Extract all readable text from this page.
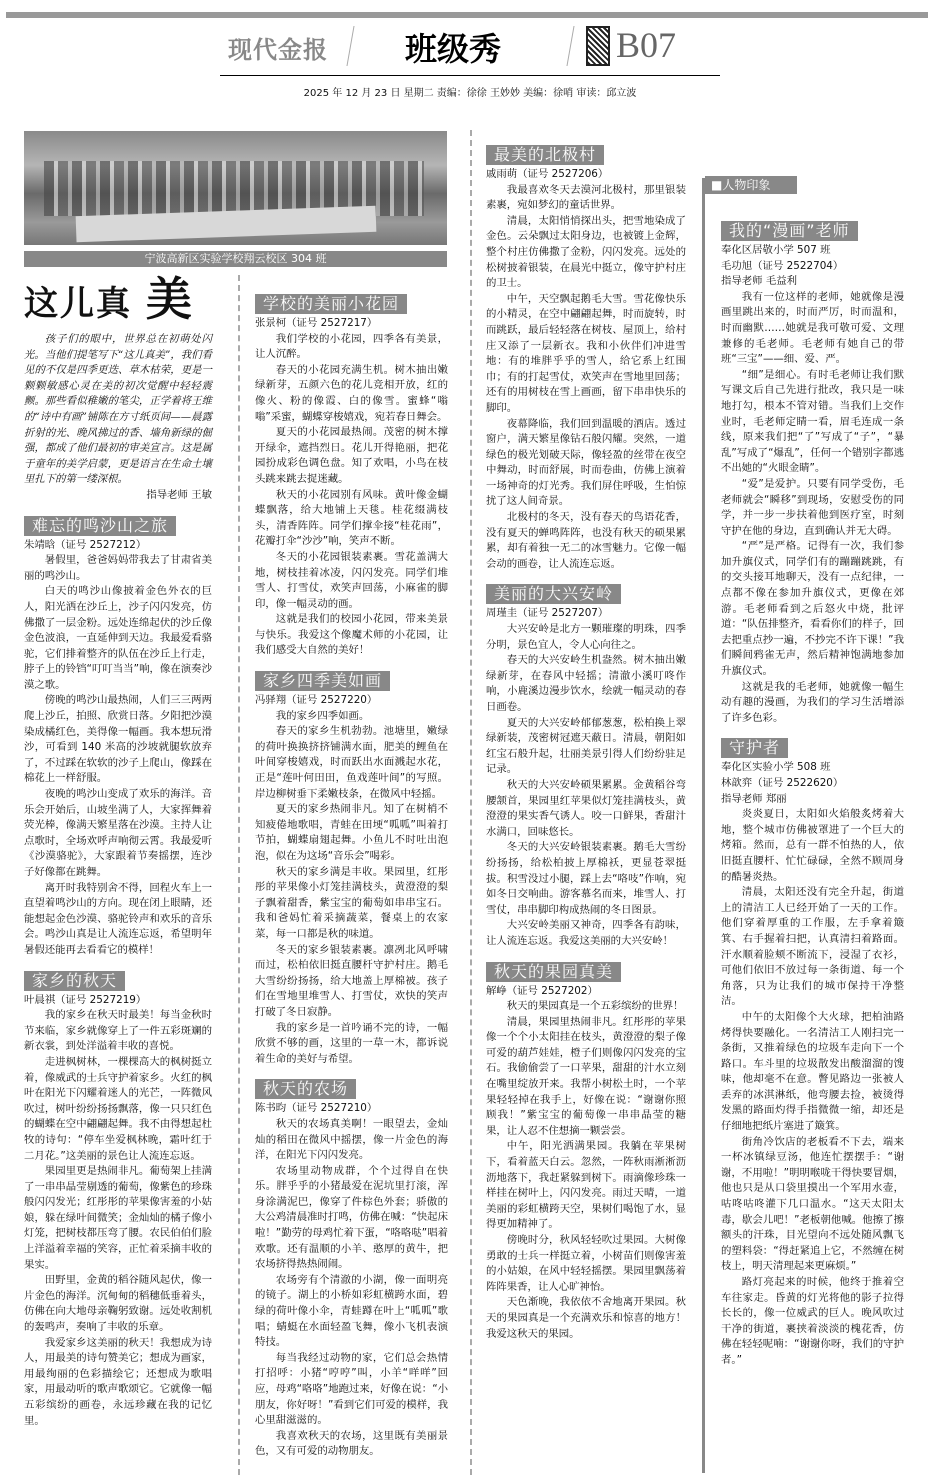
现代金报 班级秀	B07
2025 年 12 月 23 日 星期二 责编：徐徐 王妙妙 美编：徐哨 审读：邱立波
宁波高新区实验学校翔云校区 304 班
■人物印象
这儿真 美

孩子们的眼中，世界总在初萌处闪光。当他们提笔写下“这儿真美”，我们看见的不仅是四季更迭、草木枯荣，更是一颗颗敏感心灵在美的初次觉醒中轻轻震颤。那些看似稚嫩的笔尖，正学着将王维的“诗中有画”铺陈在方寸纸页间——晨露折射的光、晚风拂过的香、墙角新绿的倔强，都成了他们最初的审美宣言。这是属于童年的美学启蒙，更是语言在生命土壤里扎下的第一缕深根。

指导老师 王敏

难忘的鸣沙山之旅

朱靖晗（证号 2527212）

暑假里，爸爸妈妈带我去了甘肃省美丽的鸣沙山。

白天的鸣沙山像披着金色外衣的巨人，阳光洒在沙丘上，沙子闪闪发亮，仿佛撒了一层金粉。远处连绵起伏的沙丘像金色波浪，一直延伸到天边。我最爱看骆驼，它们排着整齐的队伍在沙丘上行走，脖子上的铃铛“叮叮当当”响，像在演奏沙漠之歌。

傍晚的鸣沙山最热闹，人们三三两两爬上沙丘，拍照、欣赏日落。夕阳把沙漠染成橘红色，美得像一幅画。我本想玩滑沙，可看到 140 米高的沙坡就腿软放弃了，不过踩在软软的沙子上爬山，像踩在棉花上一样舒服。

夜晚的鸣沙山变成了欢乐的海洋。音乐会开始后，山坡坐满了人，大家挥舞着荧光棒，像满天繁星落在沙漠。主持人让点歌时，全场欢呼声响彻云霄。我最爱听《沙漠骆驼》，大家跟着节奏摇摆，连沙子好像都在跳舞。

离开时我特别舍不得，回程火车上一直望着鸣沙山的方向。现在闭上眼睛，还能想起金色沙漠、骆驼铃声和欢乐的音乐会。鸣沙山真是让人流连忘返，希望明年暑假还能再去看看它的模样！

家乡的秋天

叶晨祺（证号 2527219）

我的家乡在秋天时最美！每当金秋时节来临，家乡就像穿上了一件五彩斑斓的新衣裳，到处洋溢着丰收的喜悦。

走进枫树林，一棵棵高大的枫树挺立着，像威武的士兵守护着家乡。火红的枫叶在阳光下闪耀着迷人的光芒，一阵微风吹过，树叶纷纷扬扬飘落，像一只只红色的蝴蝶在空中翩翩起舞。我不由得想起杜牧的诗句：“停车坐爱枫林晚，霜叶红于二月花。”这美丽的景色让人流连忘返。

果园里更是热闹非凡。葡萄架上挂满了一串串晶莹剔透的葡萄，像紫色的珍珠般闪闪发光；红彤彤的苹果像害羞的小姑娘，躲在绿叶间微笑；金灿灿的橘子像小灯笼，把树枝都压弯了腰。农民伯伯们脸上洋溢着幸福的笑容，正忙着采摘丰收的果实。

田野里，金黄的稻谷随风起伏，像一片金色的海洋。沉甸甸的稻穗低垂着头，仿佛在向大地母亲鞠躬致谢。远处收割机的轰鸣声，奏响了丰收的乐章。

我爱家乡这美丽的秋天！我想成为诗人，用最美的诗句赞美它；想成为画家，用最绚丽的色彩描绘它；还想成为歌唱家，用最动听的歌声歌颂它。它就像一幅五彩缤纷的画卷，永远珍藏在我的记忆里。

学校的美丽小花园

张景柯（证号 2527217）

我们学校的小花园，四季各有美景，让人沉醉。

春天的小花园充满生机。树木抽出嫩绿新芽，五颜六色的花儿竞相开放，红的像火、粉的像霞、白的像雪。蜜蜂“嗡嗡”采蜜，蝴蝶穿梭嬉戏，宛若春日舞会。

夏天的小花园最热闹。茂密的树木撑开绿伞，遮挡烈日。花儿开得艳丽，把花园扮成彩色调色盘。知了欢唱，小鸟在枝头跳来跳去捉迷藏。

秋天的小花园别有风味。黄叶像金蝴蝶飘落，给大地铺上天毯。桂花缀满枝头，清香阵阵。同学们撑伞接“桂花雨”，花瓣打伞“沙沙”响，笑声不断。

冬天的小花园银装素裹。雪花盖满大地，树枝挂着冰凌，闪闪发亮。同学们堆雪人、打雪仗，欢笑声回荡，小麻雀的脚印，像一幅灵动的画。

这就是我们的校园小花园，带来美景与快乐。我爱这个像魔术师的小花园，让我们感受大自然的美好！

家乡四季美如画

冯驿翔（证号 2527220）

我的家乡四季如画。

春天的家乡生机勃勃。池塘里，嫩绿的荷叶换换挤挤铺满水面，肥美的鲤鱼在叶间穿梭嬉戏，时而跃出水面溅起水花，正是“莲叶何田田，鱼戏莲叶间”的写照。岸边柳树垂下柔嫩枝条，在微风中轻摇。

夏天的家乡热闹非凡。知了在树梢不知疲倦地歌唱，青蛙在田埂“呱呱”叫着打节拍，蝴蝶扇翅起舞。小鱼儿不时吐出泡泡，似在为这场“音乐会”喝彩。

秋天的家乡满是丰收。果园里，红彤彤的苹果像小灯笼挂满枝头，黄澄澄的梨子飘着甜香，紫宝宝的葡萄如串串宝石。我和爸妈忙着采摘蔬菜，餐桌上的农家菜，每一口都是秋的味道。

冬天的家乡银装素裹。凛冽北风呼啸而过，松柏依旧挺直腰杆守护村庄。鹅毛大雪纷纷扬扬，给大地盖上厚棉被。孩子们在雪地里堆雪人、打雪仗，欢快的笑声打破了冬日寂静。

我的家乡是一首吟诵不完的诗，一幅欣赏不够的画，这里的一草一木，都诉说着生命的美好与希望。

秋天的农场

陈书昀（证号 2527210）

秋天的农场真美啊！一眼望去，金灿灿的稻田在微风中摇摆，像一片金色的海洋，在阳光下闪闪发亮。

农场里动物成群，个个过得自在快乐。胖乎乎的小猪最爱在泥坑里打滚，浑身涂满泥巴，像穿了件棕色外套；骄傲的大公鸡清晨准时打鸣，仿佛在喊：“快起床啦！”勤劳的母鸡忙着下蛋，“咯咯哒”唱着欢歌。还有温顺的小羊、憨厚的黄牛，把农场挤得热热闹闹。

农场旁有个清澈的小湖，像一面明亮的镜子。湖上的小桥如彩虹横跨水面，碧绿的荷叶像小伞，青蛙蹲在叶上“呱呱”歌唱；蜻蜓在水面轻盈飞舞，像小飞机表演特技。

每当我经过动物的家，它们总会热情打招呼：小猪“哼哼”叫，小羊“咩咩”回应，母鸡“咯咯”地跑过来，好像在说：“小朋友，你好呀！”看到它们可爱的模样，我心里甜滋滋的。

我喜欢秋天的农场，这里既有美丽景色，又有可爱的动物朋友。

最美的北极村

戚雨萌（证号 2527206）

我最喜欢冬天去漠河北极村，那里银装素裹，宛如梦幻的童话世界。

清晨，太阳悄悄探出头，把雪地染成了金色。云朵飘过太阳身边，也被镀上金辉，整个村庄仿佛撒了金粉，闪闪发亮。远处的松树披着银装，在晨光中挺立，像守护村庄的卫士。

中午，天空飘起鹅毛大雪。雪花像快乐的小精灵，在空中翩翩起舞，时而旋转，时而跳跃，最后轻轻落在树枝、屋顶上，给村庄又添了一层新衣。我和小伙伴们冲进雪地：有的堆胖乎乎的雪人，给它系上红围巾；有的打起雪仗，欢笑声在雪地里回荡；还有的用树枝在雪上画画，留下串串快乐的脚印。

夜幕降临，我们回到温暖的酒店。透过窗户，满天繁星像钻石般闪耀。突然，一道绿色的极光划破天际，像轻盈的丝带在夜空中舞动，时而舒展，时而卷曲，仿佛上演着一场神奇的灯光秀。我们屏住呼吸，生怕惊扰了这人间奇景。

北极村的冬天，没有春天的鸟语花香，没有夏天的蝉鸣阵阵，也没有秋天的硕果累累，却有着独一无二的冰雪魅力。它像一幅会动的画卷，让人流连忘返。

美丽的大兴安岭

周瑾圭（证号 2527207）

大兴安岭是北方一颗璀璨的明珠，四季分明，景色宜人，令人心向往之。

春天的大兴安岭生机盎然。树木抽出嫩绿新芽，在春风中轻摇；清澈小溪叮咚作响，小鹿溪边漫步饮水，绘就一幅灵动的春日画卷。

夏天的大兴安岭郁郁葱葱，松柏换上翠绿新装，茂密树冠遮天蔽日。清晨，朝阳如红宝石般升起，壮丽美景引得人们纷纷驻足记录。

秋天的大兴安岭硕果累累。金黄稻谷弯腰颔首，果园里红苹果似灯笼挂满枝头，黄澄澄的果实香气诱人。咬一口鲜果，香甜汁水满口，回味悠长。

冬天的大兴安岭银装素裹。鹅毛大雪纷纷扬扬，给松柏披上厚棉袄，更显苍翠挺拔。积雪没过小腿，踩上去“咯吱”作响，宛如冬日交响曲。游客慕名而来，堆雪人、打雪仗，串串脚印构成热闹的冬日图景。

大兴安岭美丽又神奇，四季各有韵味，让人流连忘返。我爱这美丽的大兴安岭！

秋天的果园真美

解峥（证号 2527202）

秋天的果园真是一个五彩缤纷的世界！

清晨，果园里热闹非凡。红彤彤的苹果像一个个小太阳挂在枝头，黄澄澄的梨子像可爱的葫芦娃娃，橙子们则像闪闪发亮的宝石。我偷偷尝了一口苹果，甜甜的汁水立刻在嘴里绽放开来。我帮小树松土时，一个苹果轻轻掉在我手上，好像在说：“谢谢你照顾我！”紫宝宝的葡萄像一串串晶莹的糖果，让人忍不住想摘一颗尝尝。

中午，阳光洒满果园。我躺在苹果树下，看着蓝天白云。忽然，一阵秋雨淅淅沥沥地落下，我赶紧躲到树下。雨滴像珍珠一样挂在树叶上，闪闪发亮。雨过天晴，一道美丽的彩虹横跨天空，果树们喝饱了水，显得更加精神了。

傍晚时分，秋风轻轻吹过果园。大树像勇敢的士兵一样挺立着，小树苗们则像害羞的小姑娘，在风中轻轻摇摆。果园里飘荡着阵阵果香，让人心旷神怡。

天色渐晚，我依依不舍地离开果园。秋天的果园真是一个充满欢乐和惊喜的地方！我爱这秋天的果园。

我的“漫画”老师

奉化区居敬小学 507 班

毛功旭（证号 2522704）

指导老师 毛益利

我有一位这样的老师，她就像是漫画里跳出来的，时而严厉，时而温和，时而幽默……她就是我可敬可爱、文理兼修的毛老师。毛老师有她自己的带班“三宝”——细、爱、严。

“细”是细心。有时毛老师让我们默写课文后自己先进行批改，我只是一味地打勾，根本不管对错。当我们上交作业时，毛老师定睛一看，眉毛连成一条线，原来我们把“了”写成了“子”，“暴乱”写成了“爆乱”，任何一个错别字都逃不出她的“火眼金睛”。

“爱”是爱护。只要有同学受伤，毛老师就会“瞬移”到现场，安慰受伤的同学，并一步一步扶着他到医疗室，时刻守护在他的身边，直到确认并无大碍。

“严”是严格。记得有一次，我们参加升旗仪式，同学们有的蹦蹦跳跳，有的交头接耳地聊天，没有一点纪律，一点都不像在参加升旗仪式，更像在郊游。毛老师看到之后怒火中烧，批评道：“队伍排整齐，看看你们的样子，回去把重点抄一遍，不抄完不许下课！”我们瞬间鸦雀无声，然后精神饱满地参加升旗仪式。

这就是我的毛老师，她就像一幅生动有趣的漫画，为我们的学习生活增添了许多色彩。

守护者

奉化区实验小学 508 班

林歆弈（证号 2522620）

指导老师 郑丽

炎炎夏日，太阳如火焰般炙烤着大地，整个城市仿佛被罩进了一个巨大的烤箱。然而，总有一群不怕热的人，依旧挺直腰杆、忙忙碌碌，全然不顾周身的酷暑炎热。

清晨，太阳还没有完全升起，街道上的清洁工人已经开始了一天的工作。他们穿着厚重的工作服，左手拿着簸箕、右手握着扫把，认真清扫着路面。汗水顺着脸颊不断流下，浸湿了衣衫，可他们依旧不放过每一条街道、每一个角落，只为让我们的城市保持干净整洁。

中午的太阳像个大火球，把柏油路烤得快要融化。一名清洁工人刚扫完一条街，又推着绿色的垃圾车走向下一个路口。车斗里的垃圾散发出酸溜溜的馊味，他却毫不在意。瞥见路边一张被人丢弃的冰淇淋纸，他弯腰去捡，被烫得发黑的路面灼得手指微微一缩，却还是仔细地把纸片塞进了簸箕。

街角冷饮店的老板看不下去，端来一杯冰镇绿豆汤，他连忙摆摆手：“谢谢，不用啦！”明明喉咙干得快要冒烟，他也只是从口袋里摸出一个军用水壶，咕咚咕咚灌下几口温水。“这天太阳太毒，歇会儿吧！”老板朝他喊。他擦了擦额头的汗珠，目光望向不远处随风飘飞的塑料袋：“得赶紧追上它，不然缠在树枝上，明天清理起来更麻烦。”

路灯亮起来的时候，他终于推着空车往家走。昏黄的灯光将他的影子拉得长长的，像一位威武的巨人。晚风吹过干净的街道，裹挟着淡淡的槐花香，仿佛在轻轻呢喃：“谢谢你呀，我们的守护者。”
